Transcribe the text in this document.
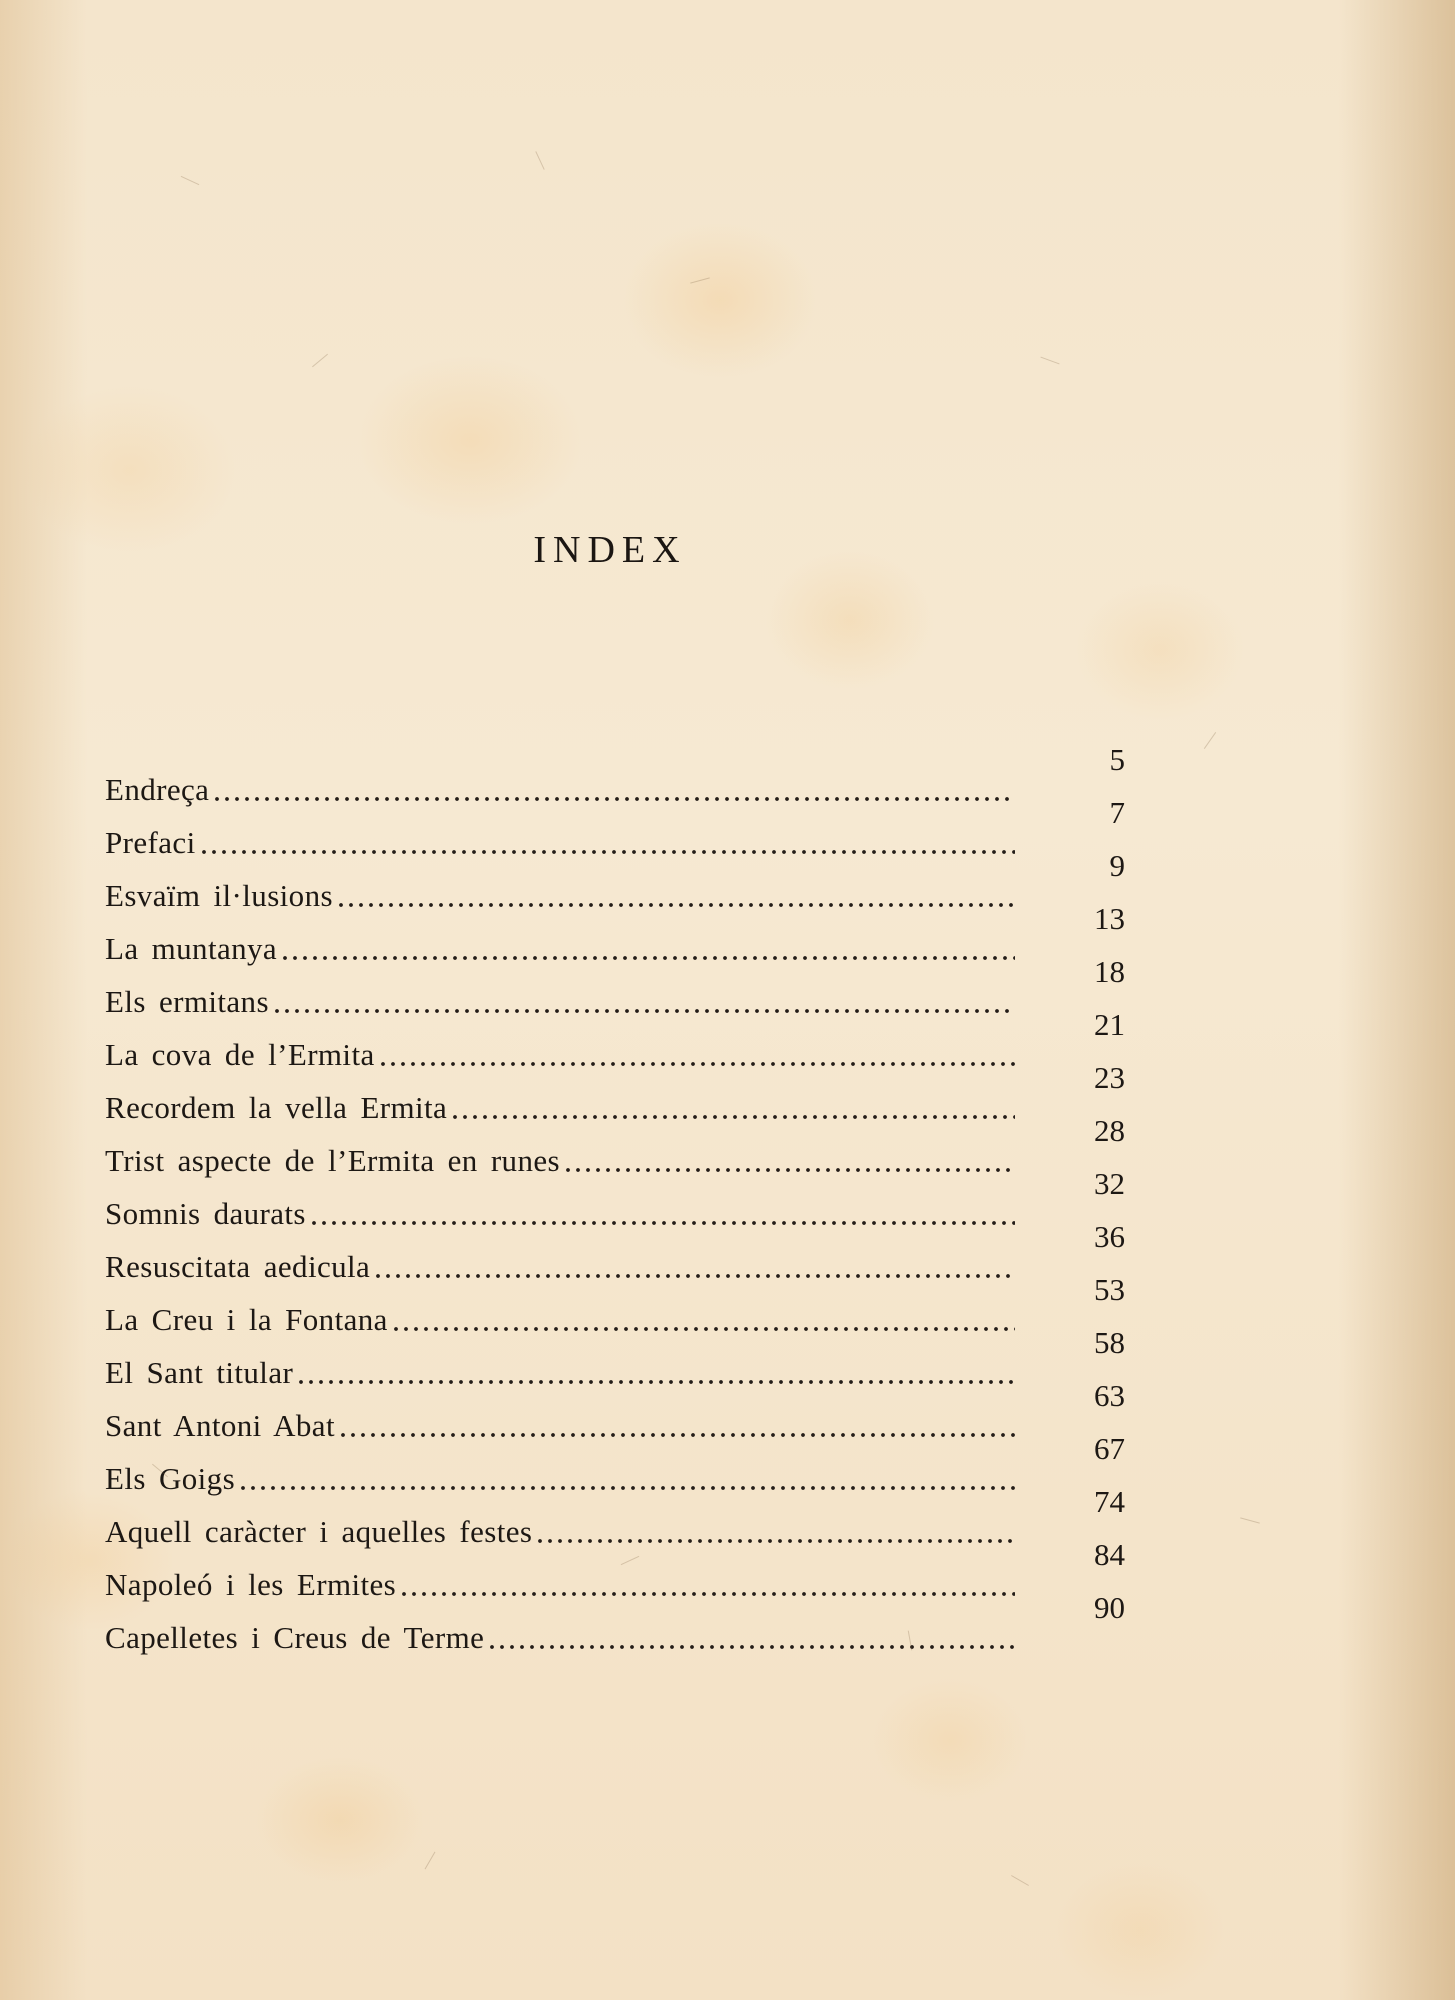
INDEX
Endreça
5
Prefaci
7
Esvaïm il·lusions
9
La muntanya
13
Els ermitans
18
La cova de l’Ermita
21
Recordem la vella Ermita
23
Trist aspecte de l’Ermita en runes
28
Somnis daurats
32
Resuscitata aedicula
36
La Creu i la Fontana
53
El Sant titular
58
Sant Antoni Abat
63
Els Goigs
67
Aquell caràcter i aquelles festes
74
Napoleó i les Ermites
84
Capelletes i Creus de Terme
90
